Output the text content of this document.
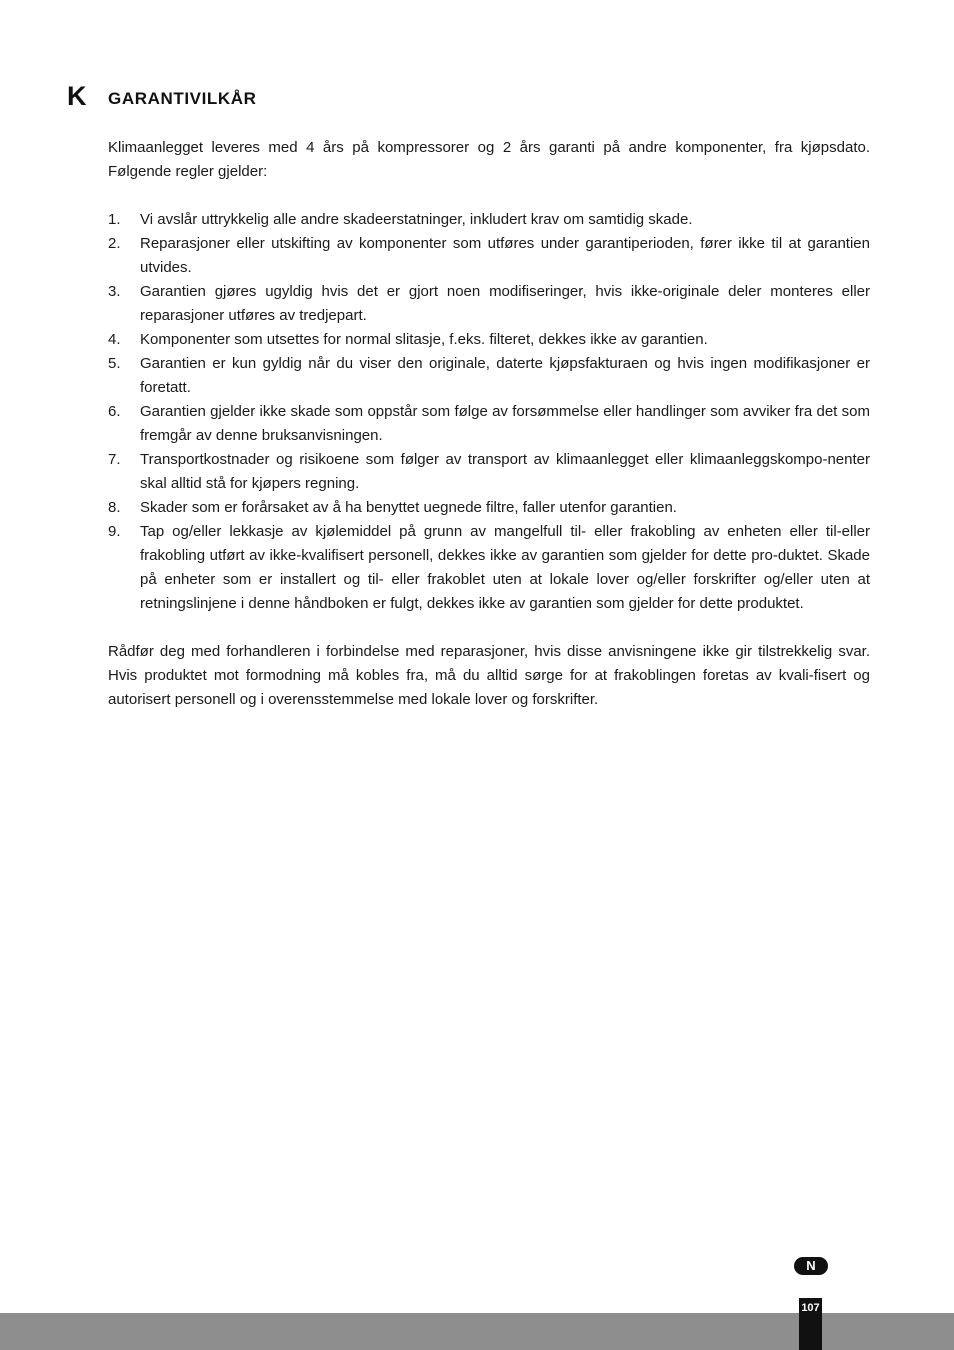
K GARANTIVILKÅR

Klimaanlegget leveres med 4 års på kompressorer og 2 års garanti på andre komponenter, fra kjøpsdato. Følgende regler gjelder:

1.	Vi avslår uttrykkelig alle andre skadeerstatninger, inkludert krav om samtidig skade.
2.	Reparasjoner eller utskifting av komponenter som utføres under garantiperioden, fører ikke til at garantien utvides.
3.	Garantien gjøres ugyldig hvis det er gjort noen modifiseringer, hvis ikke-originale deler monteres eller reparasjoner utføres av tredjepart.
4.	Komponenter som utsettes for normal slitasje, f.eks. filteret, dekkes ikke av garantien.
5.	Garantien er kun gyldig når du viser den originale, daterte kjøpsfakturaen og hvis ingen modifikasjoner er foretatt.
6.	Garantien gjelder ikke skade som oppstår som følge av forsømmelse eller handlinger som avviker fra det som fremgår av denne bruksanvisningen.
7.	Transportkostnader og risikoene som følger av transport av klimaanlegget eller klimaanleggskompo-nenter skal alltid stå for kjøpers regning.
8.	Skader som er forårsaket av å ha benyttet uegnede filtre, faller utenfor garantien.
9.	Tap og/eller lekkasje av kjølemiddel på grunn av mangelfull til- eller frakobling av enheten eller til-eller frakobling utført av ikke-kvalifisert personell, dekkes ikke av garantien som gjelder for dette pro-duktet. Skade på enheter som er installert og til- eller frakoblet uten at lokale lover og/eller forskrifter og/eller uten at retningslinjene i denne håndboken er fulgt, dekkes ikke av garantien som gjelder for dette produktet.

Rådfør deg med forhandleren i forbindelse med reparasjoner, hvis disse anvisningene ikke gir tilstrekkelig svar. Hvis produktet mot formodning må kobles fra, må du alltid sørge for at frakoblingen foretas av kvali-fisert og autorisert personell og i overensstemmelse med lokale lover og forskrifter.

N
107
